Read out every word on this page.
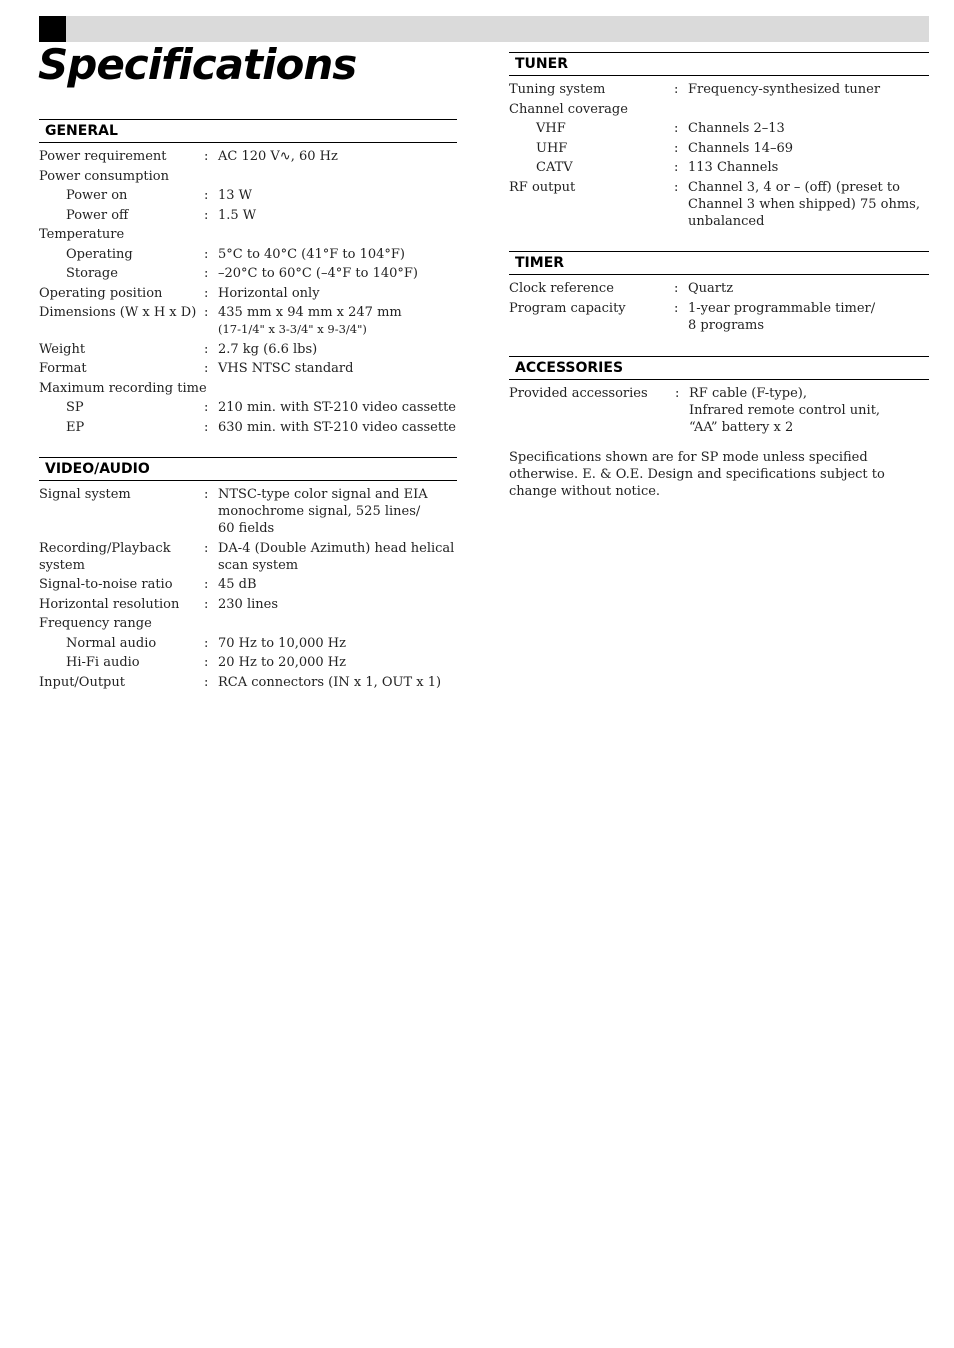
Specifications
GENERAL
Power requirement	: AC 120 V∿, 60 Hz
Power consumption
Power on	: 13 W
Power off	: 1.5 W
Temperature
Operating	: 5°C to 40°C (41°F to 104°F)
Storage	: –20°C to 60°C (–4°F to 140°F)
Operating position	: Horizontal only
Dimensions (W x H x D) : 435 mm x 94 mm x 247 mm
(17-1/4" x 3-3/4" x 9-3/4")
Weight	: 2.7 kg (6.6 lbs)
Format	: VHS NTSC standard
Maximum recording time
SP	: 210 min. with ST-210 video cassette
EP	: 630 min. with ST-210 video cassette
VIDEO/AUDIO
Signal system	: NTSC-type color signal and EIA
monochrome signal, 525 lines/
60 fields
Recording/Playback
system
: DA-4 (Double Azimuth) head helical
scan system
Signal-to-noise ratio	: 45 dB
Horizontal resolution	: 230 lines
Frequency range
Normal audio	: 70 Hz to 10,000 Hz
Hi-Fi audio	: 20 Hz to 20,000 Hz
Input/Output	: RCA connectors (IN x 1, OUT x 1)
TUNER
Tuning system	: Frequency-synthesized tuner
Channel coverage
VHF	: Channels 2–13
UHF	: Channels 14–69
CATV	: 113 Channels
RF output	: Channel 3, 4 or – (off) (preset to
Channel 3 when shipped) 75 ohms,
unbalanced
TIMER
Clock reference	: Quartz
Program capacity	: 1-year programmable timer/
8 programs
ACCESSORIES
Provided accessories	: RF cable (F-type),
Infrared remote control unit,
“AA” battery x 2
Specifications shown are for SP mode unless specified otherwise. E. & O.E. Design and specifications subject to change without notice.
